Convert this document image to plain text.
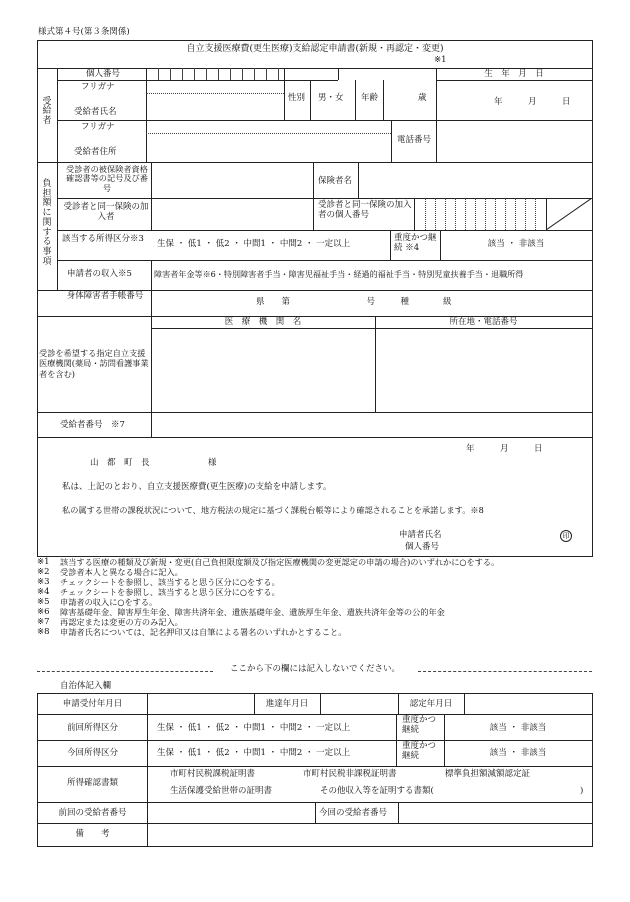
様式第４号(第３条関係)
自立支援医療費(更生医療)支給認定申請書(新規・再認定・変更)
※1
受給者
個人番号	生　年　月　日
年　　　月　　　日
フリガナ
受給者氏名
性別 男・女 年齢	歳
フリガナ
受給者住所
電話番号
負担額に関する事項
受診者の被保険者資格確認書等の記号及び番号
保険者名
受診者と同一保険の加入者
受診者と同一保険の加入者の個人番号
該当する所得区分※3	生保 ・ 低1 ・ 低2 ・ 中間1 ・ 中間2 ・ 一定以上
重度かつ継続 ※4	該当 ・ 非該当
申請者の収入※5	障害者年金等※6・特別障害者手当・障害児福祉手当・経過的福祉手当・特別児童扶養手当・退職所得
身体障害者手帳番号
県　　第　　　　　　　　　号　　　種　　　　級
受診を希望する指定自立支援医療機関(薬局・訪問看護事業者を含む)
医　療　機　関　名	所在地・電話番号
受給者番号　※7
年　　　月　　　日
山　都　町　長	様
私は、上記のとおり、自立支援医療費(更生医療)の支給を申請します。
私の属する世帯の課税状況について、地方税法の規定に基づく課税台帳等により確認されることを承諾します。※8
申請者氏名	印
個人番号
※1 該当する医療の種類及び新規・変更(自己負担限度額及び指定医療機関の変更認定の申請の場合)のいずれかに○をする。
※2 受診者本人と異なる場合に記入。
※3 チェックシートを参照し、該当すると思う区分に○をする。
※4 チェックシートを参照し、該当すると思う区分に○をする。
※5 申請者の収入に○をする。
※6 障害基礎年金、障害厚生年金、障害共済年金、遺族基礎年金、遺族厚生年金、遺族共済年金等の公的年金
※7 再認定または変更の方のみ記入。
※8 申請者氏名については、記名押印又は自筆による署名のいずれかとすること。
ここから下の欄には記入しないでください。
自治体記入欄
申請受付年月日	進達年月日	認定年月日
前回所得区分	生保 ・ 低1 ・ 低2 ・ 中間1 ・ 中間2 ・ 一定以上
重度かつ継続	該当 ・ 非該当
今回所得区分	生保 ・ 低1 ・ 低2 ・ 中間1 ・ 中間2 ・ 一定以上
重度かつ継続	該当 ・ 非該当
所得確認書類
市町村民税課税証明書	市町村民税非課税証明書	標準負担額減額認定証
生活保護受給世帯の証明書	その他収入等を証明する書類(	)
前回の受給者番号	今回の受給者番号
備　　考
